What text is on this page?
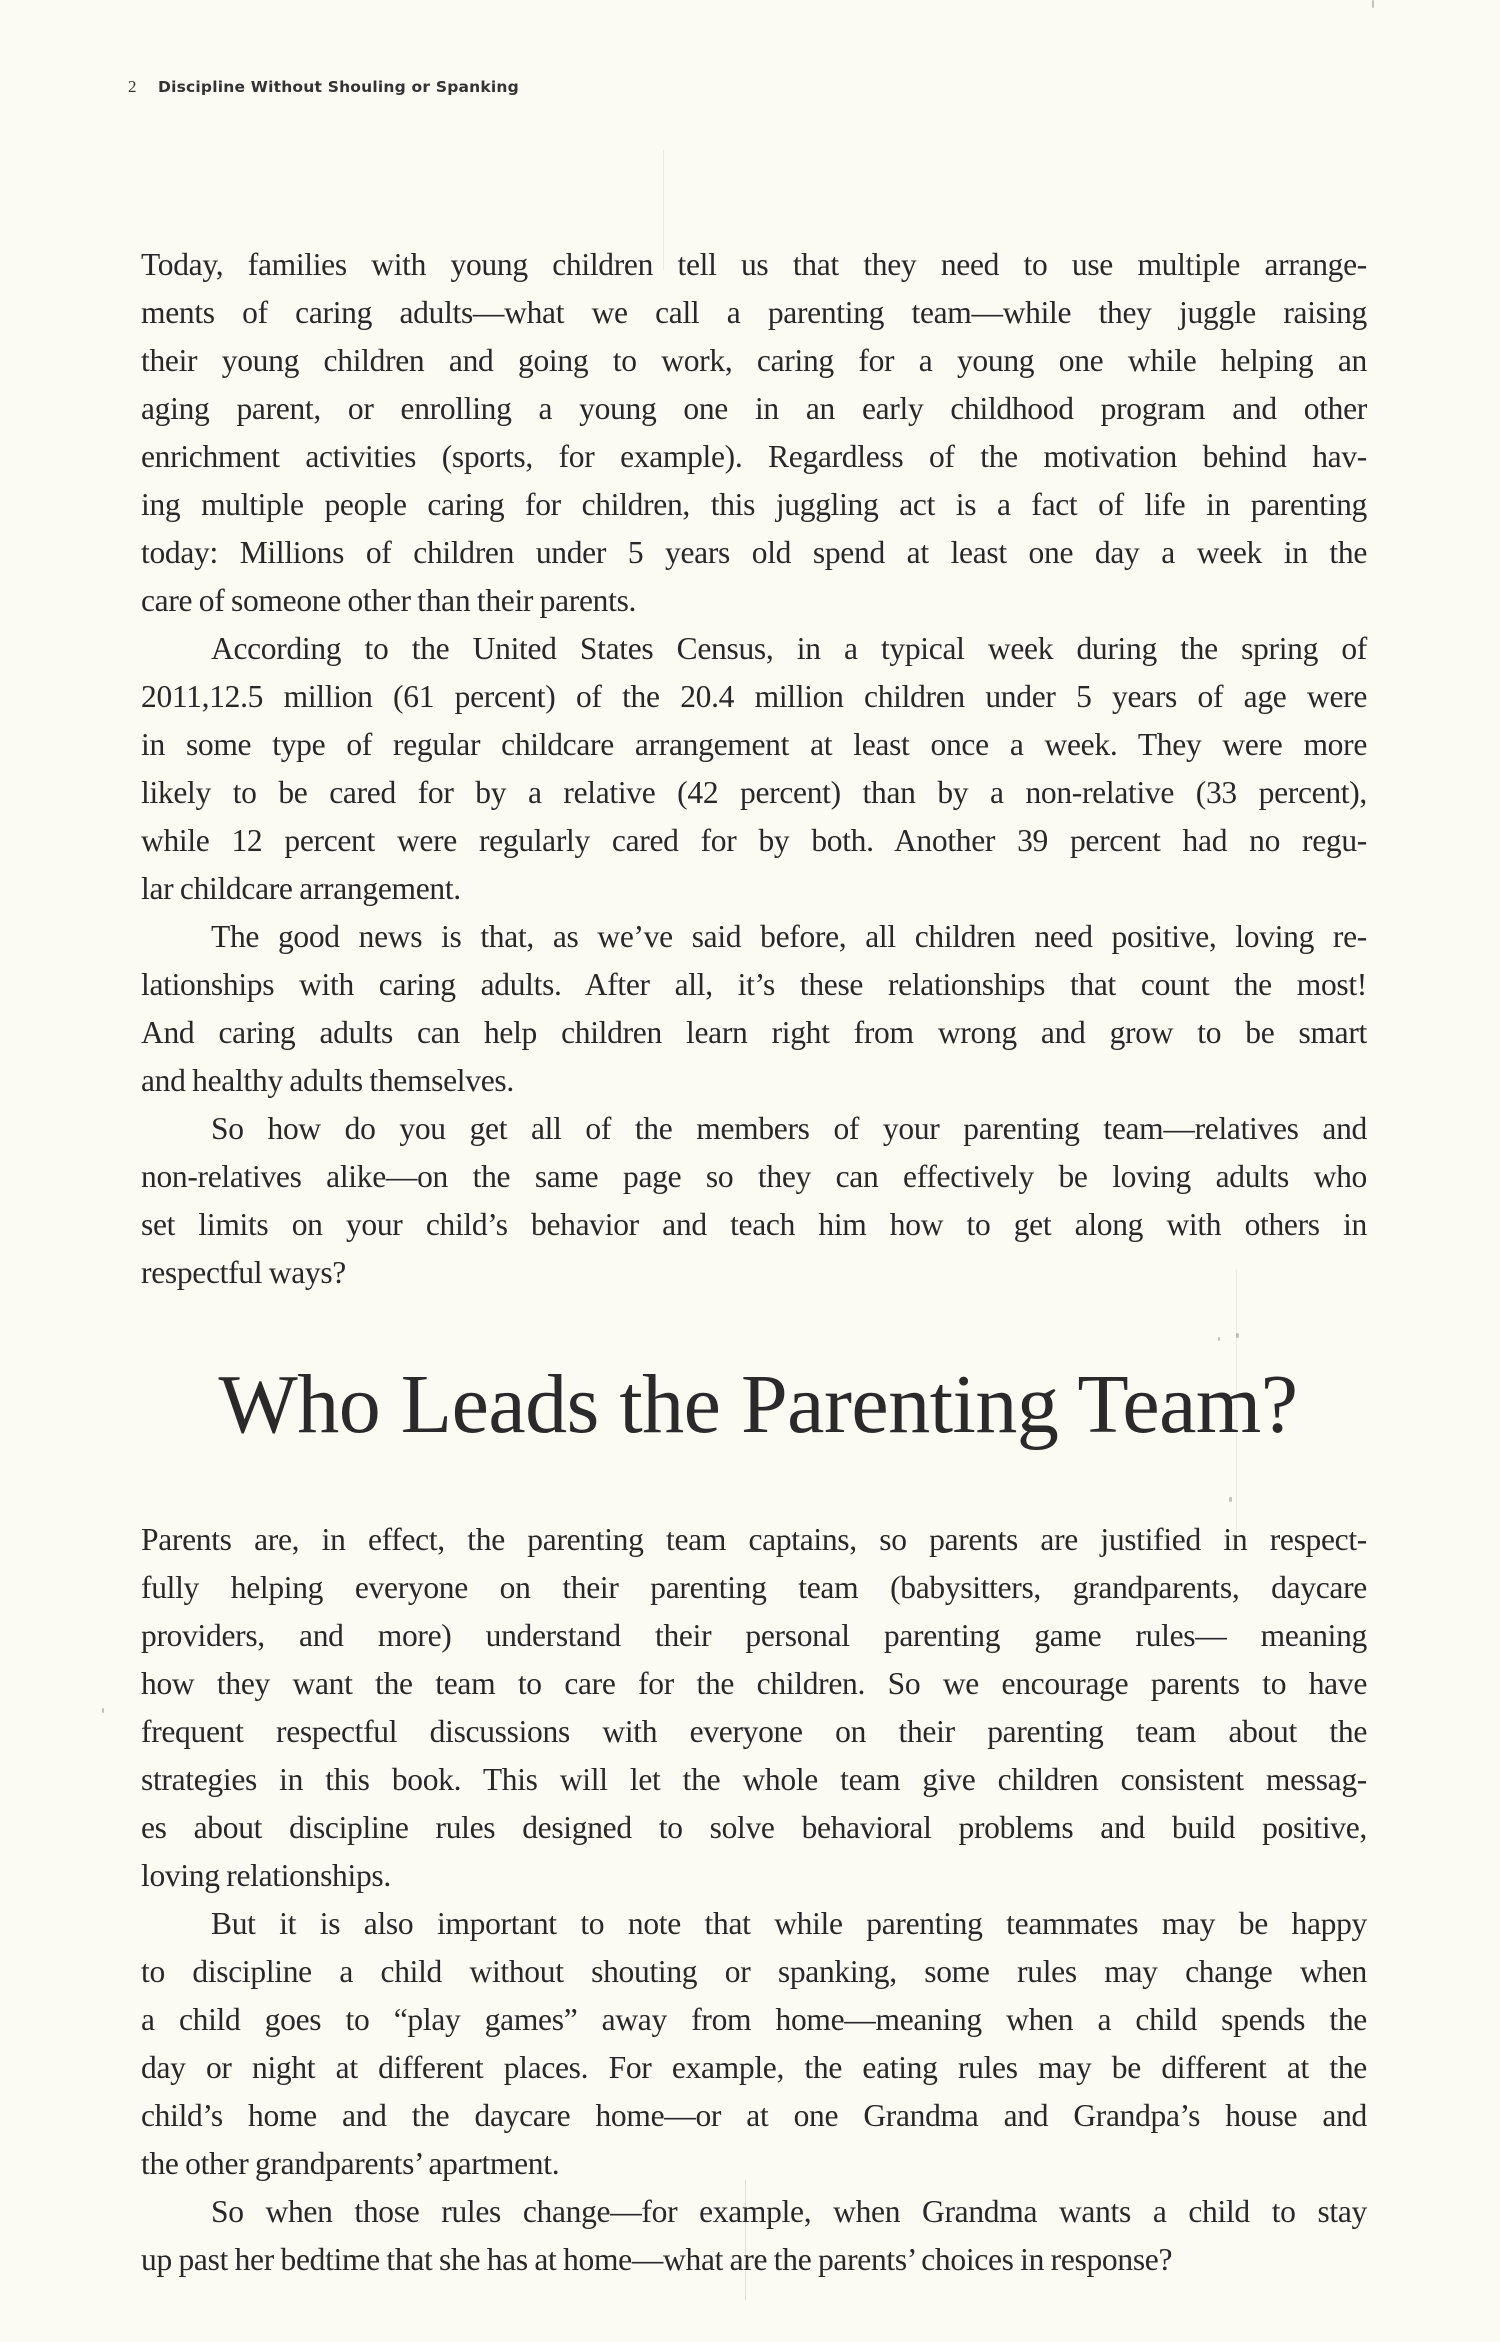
2 Discipline Without Shouling or Spanking
Today, families with young children tell us that they need to use multiple arrange-
ments of caring adults—what we call a parenting team—while they juggle raising
their young children and going to work, caring for a young one while helping an
aging parent, or enrolling a young one in an early childhood program and other
enrichment activities (sports, for example). Regardless of the motivation behind hav-
ing multiple people caring for children, this juggling act is a fact of life in parenting
today: Millions of children under 5 years old spend at least one day a week in the
care of someone other than their parents.
According to the United States Census, in a typical week during the spring of
2011,12.5 million (61 percent) of the 20.4 million children under 5 years of age were
in some type of regular childcare arrangement at least once a week. They were more
likely to be cared for by a relative (42 percent) than by a non-relative (33 percent),
while 12 percent were regularly cared for by both. Another 39 percent had no regu-
lar childcare arrangement.
The good news is that, as we’ve said before, all children need positive, loving re-
lationships with caring adults. After all, it’s these relationships that count the most!
And caring adults can help children learn right from wrong and grow to be smart
and healthy adults themselves.
So how do you get all of the members of your parenting team—relatives and
non-relatives alike—on the same page so they can effectively be loving adults who
set limits on your child’s behavior and teach him how to get along with others in
respectful ways?
Who Leads the Parenting Team?
Parents are, in effect, the parenting team captains, so parents are justified in respect-
fully helping everyone on their parenting team (babysitters, grandparents, daycare
providers, and more) understand their personal parenting game rules— meaning
how they want the team to care for the children. So we encourage parents to have
frequent respectful discussions with everyone on their parenting team about the
strategies in this book. This will let the whole team give children consistent messag-
es about discipline rules designed to solve behavioral problems and build positive,
loving relationships.
But it is also important to note that while parenting teammates may be happy
to discipline a child without shouting or spanking, some rules may change when
a child goes to “play games” away from home—meaning when a child spends the
day or night at different places. For example, the eating rules may be different at the
child’s home and the daycare home—or at one Grandma and Grandpa’s house and
the other grandparents’ apartment.
So when those rules change—for example, when Grandma wants a child to stay
up past her bedtime that she has at home—what are the parents’ choices in response?
